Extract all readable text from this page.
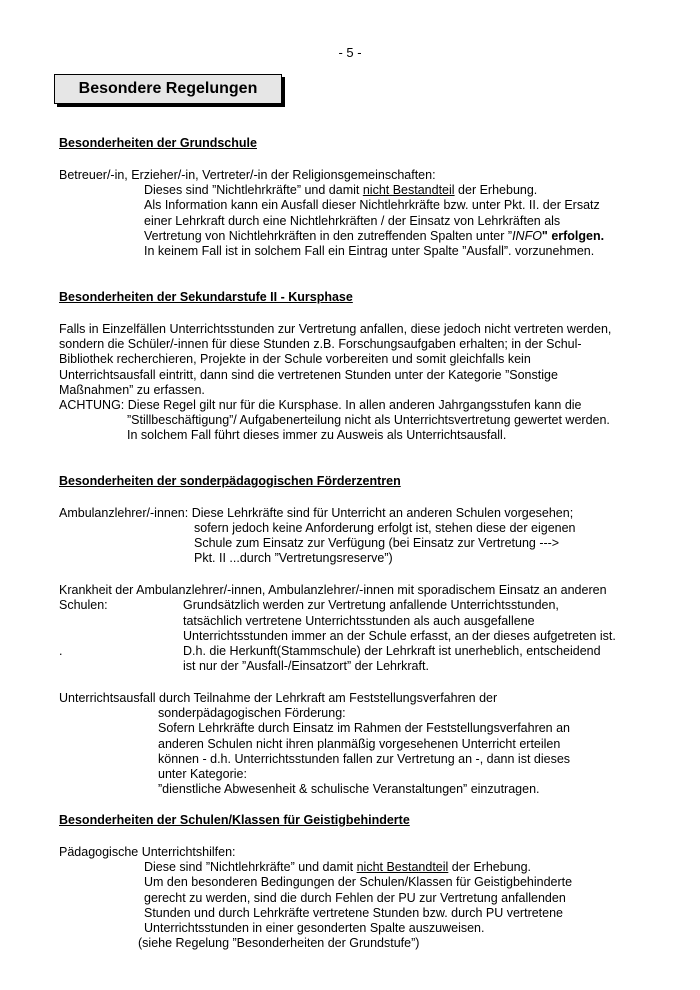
- 5 -
Besondere Regelungen
Besonderheiten der Grundschule
Betreuer/-in, Erzieher/-in, Vertreter/-in der Religionsgemeinschaften:
Dieses sind ”Nichtlehrkräfte” und damit nicht Bestandteil der Erhebung.
Als Information kann ein Ausfall dieser Nichtlehrkräfte bzw. unter Pkt. II. der Ersatz
einer Lehrkraft durch eine Nichtlehrkräften / der Einsatz von Lehrkräften als
Vertretung von Nichtlehrkräften in den zutreffenden Spalten unter ”INFO" erfolgen.
In keinem Fall ist in solchem Fall ein Eintrag unter Spalte ”Ausfall”. vorzunehmen.
Besonderheiten der Sekundarstufe II - Kursphase
Falls in Einzelfällen Unterrichtsstunden zur Vertretung anfallen, diese jedoch nicht vertreten werden,
sondern die Schüler/-innen für diese Stunden z.B. Forschungsaufgaben erhalten; in der Schul-
Bibliothek recherchieren, Projekte in der Schule vorbereiten und somit gleichfalls kein
Unterrichtsausfall eintritt, dann sind die vertretenen Stunden unter der Kategorie ”Sonstige
Maßnahmen” zu erfassen.
ACHTUNG: Diese Regel gilt nur für die Kursphase. In allen anderen Jahrgangsstufen kann die
”Stillbeschäftigung”/ Aufgabenerteilung nicht als Unterrichtsvertretung gewertet werden.
In solchem Fall führt dieses immer zu Ausweis als Unterrichtsausfall.
Besonderheiten der sonderpädagogischen Förderzentren
Ambulanzlehrer/-innen: Diese Lehrkräfte sind für Unterricht an anderen Schulen vorgesehen;
sofern jedoch keine Anforderung erfolgt ist, stehen diese der eigenen
Schule zum Einsatz zur Verfügung (bei Einsatz zur Vertretung --->
Pkt. II ...durch ”Vertretungsreserve”)
Krankheit der Ambulanzlehrer/-innen, Ambulanzlehrer/-innen mit sporadischem Einsatz an anderen
Schulen:	Grundsätzlich werden zur Vertretung anfallende Unterrichtsstunden,
tatsächlich vertretene Unterrichtsstunden als auch ausgefallene
Unterrichtsstunden immer an der Schule erfasst, an der dieses aufgetreten ist.
.	D.h. die Herkunft(Stammschule) der Lehrkraft ist unerheblich, entscheidend
ist nur der ”Ausfall-/Einsatzort” der Lehrkraft.
Unterrichtsausfall durch Teilnahme der Lehrkraft am Feststellungsverfahren der
sonderpädagogischen Förderung:
Sofern Lehrkräfte durch Einsatz im Rahmen der Feststellungsverfahren an
anderen Schulen nicht ihren planmäßig vorgesehenen Unterricht erteilen
können - d.h. Unterrichtsstunden fallen zur Vertretung an -, dann ist dieses
unter Kategorie:
”dienstliche Abwesenheit & schulische Veranstaltungen” einzutragen.
Besonderheiten der Schulen/Klassen für Geistigbehinderte
Pädagogische Unterrichtshilfen:
Diese sind ”Nichtlehrkräfte” und damit nicht Bestandteil der Erhebung.
Um den besonderen Bedingungen der Schulen/Klassen für Geistigbehinderte
gerecht zu werden, sind die durch Fehlen der PU zur Vertretung anfallenden
Stunden und durch Lehrkräfte vertretene Stunden bzw. durch PU vertretene
Unterrichtsstunden in einer gesonderten Spalte auszuweisen.
(siehe Regelung ”Besonderheiten der Grundstufe”)
